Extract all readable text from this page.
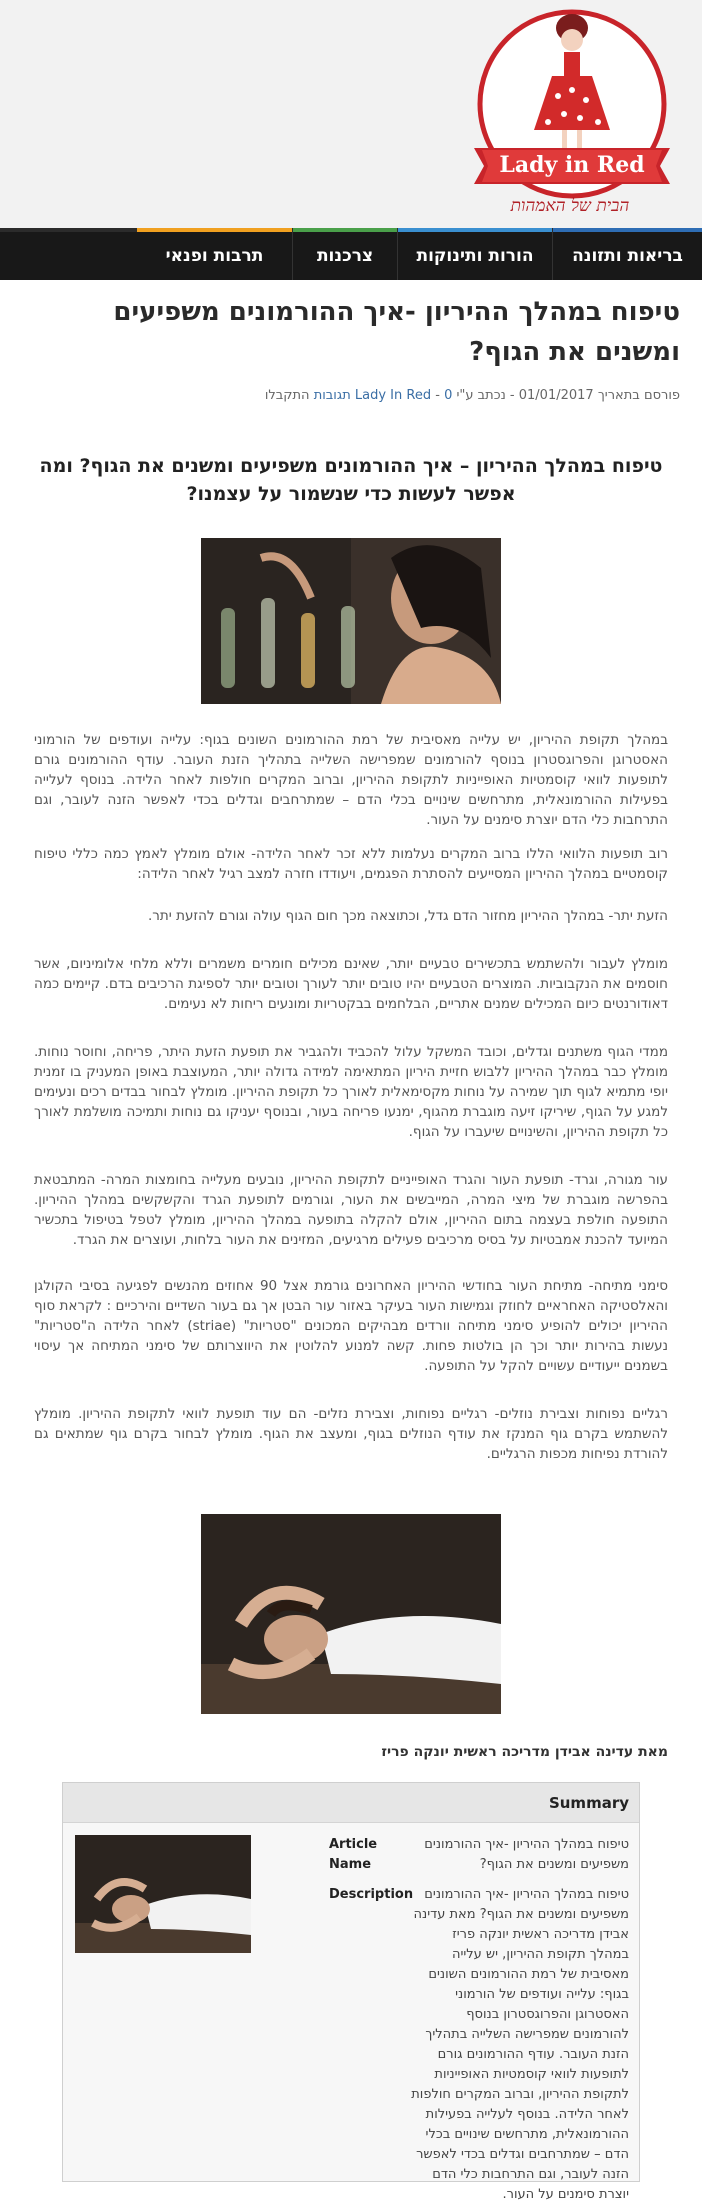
Lady in Red
הבית של האמהות
בריאות ותזונה
הורות ותינוקות
צרכנות
תרבות ופנאי
טיפוח במהלך ההיריון -איך ההורמונים משפיעים ומשנים את הגוף?
פורסם בתאריך 01/01/2017 - נכתב ע"י Lady In Red - 0 תגובות התקבלו
טיפוח במהלך ההיריון – איך ההורמונים משפיעים ומשנים את הגוף? ומה אפשר לעשות כדי שנשמור על עצמנו?

במהלך תקופת ההיריון, יש עלייה מאסיבית של רמת ההורמונים השונים בגוף: עלייה ועודפים של הורמוני האסטרוגן והפרוגסטרון בנוסף להורמונים שמפרישה השלייה בתהליך הזנת העובר. עודף ההורמונים גורם לתופעות לוואי קוסמטיות האופייניות לתקופת ההיריון, וברוב המקרים חולפות לאחר הלידה. בנוסף לעלייה בפעילות ההורמונאלית, מתרחשים שינויים בכלי הדם – שמתרחבים וגדלים בכדי לאפשר הזנה לעובר, וגם התרחבות כלי הדם יוצרת סימנים על העור.

רוב תופעות הלוואי הללו ברוב המקרים נעלמות ללא זכר לאחר הלידה- אולם מומלץ לאמץ כמה כללי טיפוח קוסמטיים במהלך ההיריון המסייעים להסתרת הפגמים, ויעודדו חזרה למצב רגיל לאחר הלידה:

הזעת יתר- במהלך ההיריון מחזור הדם גדל, וכתוצאה מכך חום הגוף עולה וגורם להזעת יתר.

מומלץ לעבור ולהשתמש בתכשירים טבעיים יותר, שאינם מכילים חומרים משמרים וללא מלחי אלומיניום, אשר חוסמים את הנקבוביות. המוצרים הטבעיים יהיו טובים יותר לעורך וטובים יותר לספיגת הרכיבים בדם. קיימים כמה דאודורנטים כיום המכילים שמנים אתריים, הבלחמים בבקטריות ומונעים ריחות לא נעימים.

ממדי הגוף משתנים וגדלים, וכובד המשקל עלול להכביד ולהגביר את תופעת הזעת היתר, פריחה, וחוסר נוחות. מומלץ כבר במהלך ההיריון ללבוש חזיית היריון המתאימה למידה גדולה יותר, המעוצבת באופן המעניק בו זמנית יופי מתמיא לגוף תוך שמירה על נוחות מקסימאלית לאורך כל תקופת ההיריון. מומלץ לבחור בבדים רכים ונעימים למגע על הגוף, שיריקו זיעה מוגברת מהגוף, ימנעו פריחה בעור, ובנוסף יעניקו גם נוחות ותמיכה מושלמת לאורך כל תקופת ההיריון, והשינויים שיעברו על הגוף.

עור מגורה, וגרד- תופעת העור והגרד האופייניים לתקופת ההיריון, נובעים מעלייה בחומצות המרה- המתבטאת בהפרשה מוגברת של מיצי המרה, המייבשים את העור, וגורמים לתופעת הגרד והקשקשים במהלך ההיריון. התופעה חולפת בעצמה בתום ההיריון, אולם להקלה בתופעה במהלך ההיריון, מומלץ לטפל בטיפול בתכשיר המיועד להכנת אמבטיות על בסיס מרכיבים פעילים מרגיעים, המזינים את העור בלחות, ועוצרים את הגרד.

סימני מתיחה- מתיחת העור בחודשי ההיריון האחרונים גורמת אצל 90 אחוזים מהנשים לפגיעה בסיבי הקולגן והאלסטיקה האחראיים לחוזק וגמישות העור בעיקר באזור עור הבטן אך גם בעור השדיים והירכיים : לקראת סוף ההיריון יכולים להופיע סימני מתיחה וורדים מבהיקים המכונים "סטריות" (striae) לאחר הלידה ה"סטריות" נעשות בהירות יותר וכך הן בולטות פחות. קשה למנוע להלוטין את היווצרותם של סימני המתיחה אך עיסוי בשמנים ייעודיים עשויים להקל על התופעה.

רגליים נפוחות וצבירת נוזלים- רגליים נפוחות, וצבירת נזלים- הם עוד תופעת לוואי לתקופת ההיריון. מומלץ להשתמש בקרם גוף המנקז את עודף הנוזלים בגוף, ומעצב את הגוף. מומלץ לבחור בקרם גוף שמתאים גם להורדת נפיחות מכפות הרגליים.

מאת עדינה אבידן מדריכה ראשית יונקה פריז

Summary
טיפוח במהלך ההיריון -איך ההורמונים משפיעים ומשנים את הגוף?
Article Name
טיפוח במהלך ההיריון -איך ההורמונים משפיעים ומשנים את הגוף? מאת עדינה אבידן מדריכה ראשית יונקה פריז במהלך תקופת ההיריון, יש עלייה מאסיבית של רמת ההורמונים השונים בגוף: עלייה ועודפים של הורמוני האסטרוגן והפרוגסטרון בנוסף להורמונים שמפרישה השלייה בתהליך הזנת העובר. עודף ההורמונים גורם לתופעות לוואי קוסמטיות האופייניות לתקופת ההיריון, וברוב המקרים חולפות לאחר הלידה. בנוסף לעלייה בפעילות ההורמונאלית, מתרחשים שינויים בכלי הדם – שמתרחבים וגדלים בכדי לאפשר הזנה לעובר, וגם התרחבות כלי הדם יוצרת סימנים על העור.
Description
